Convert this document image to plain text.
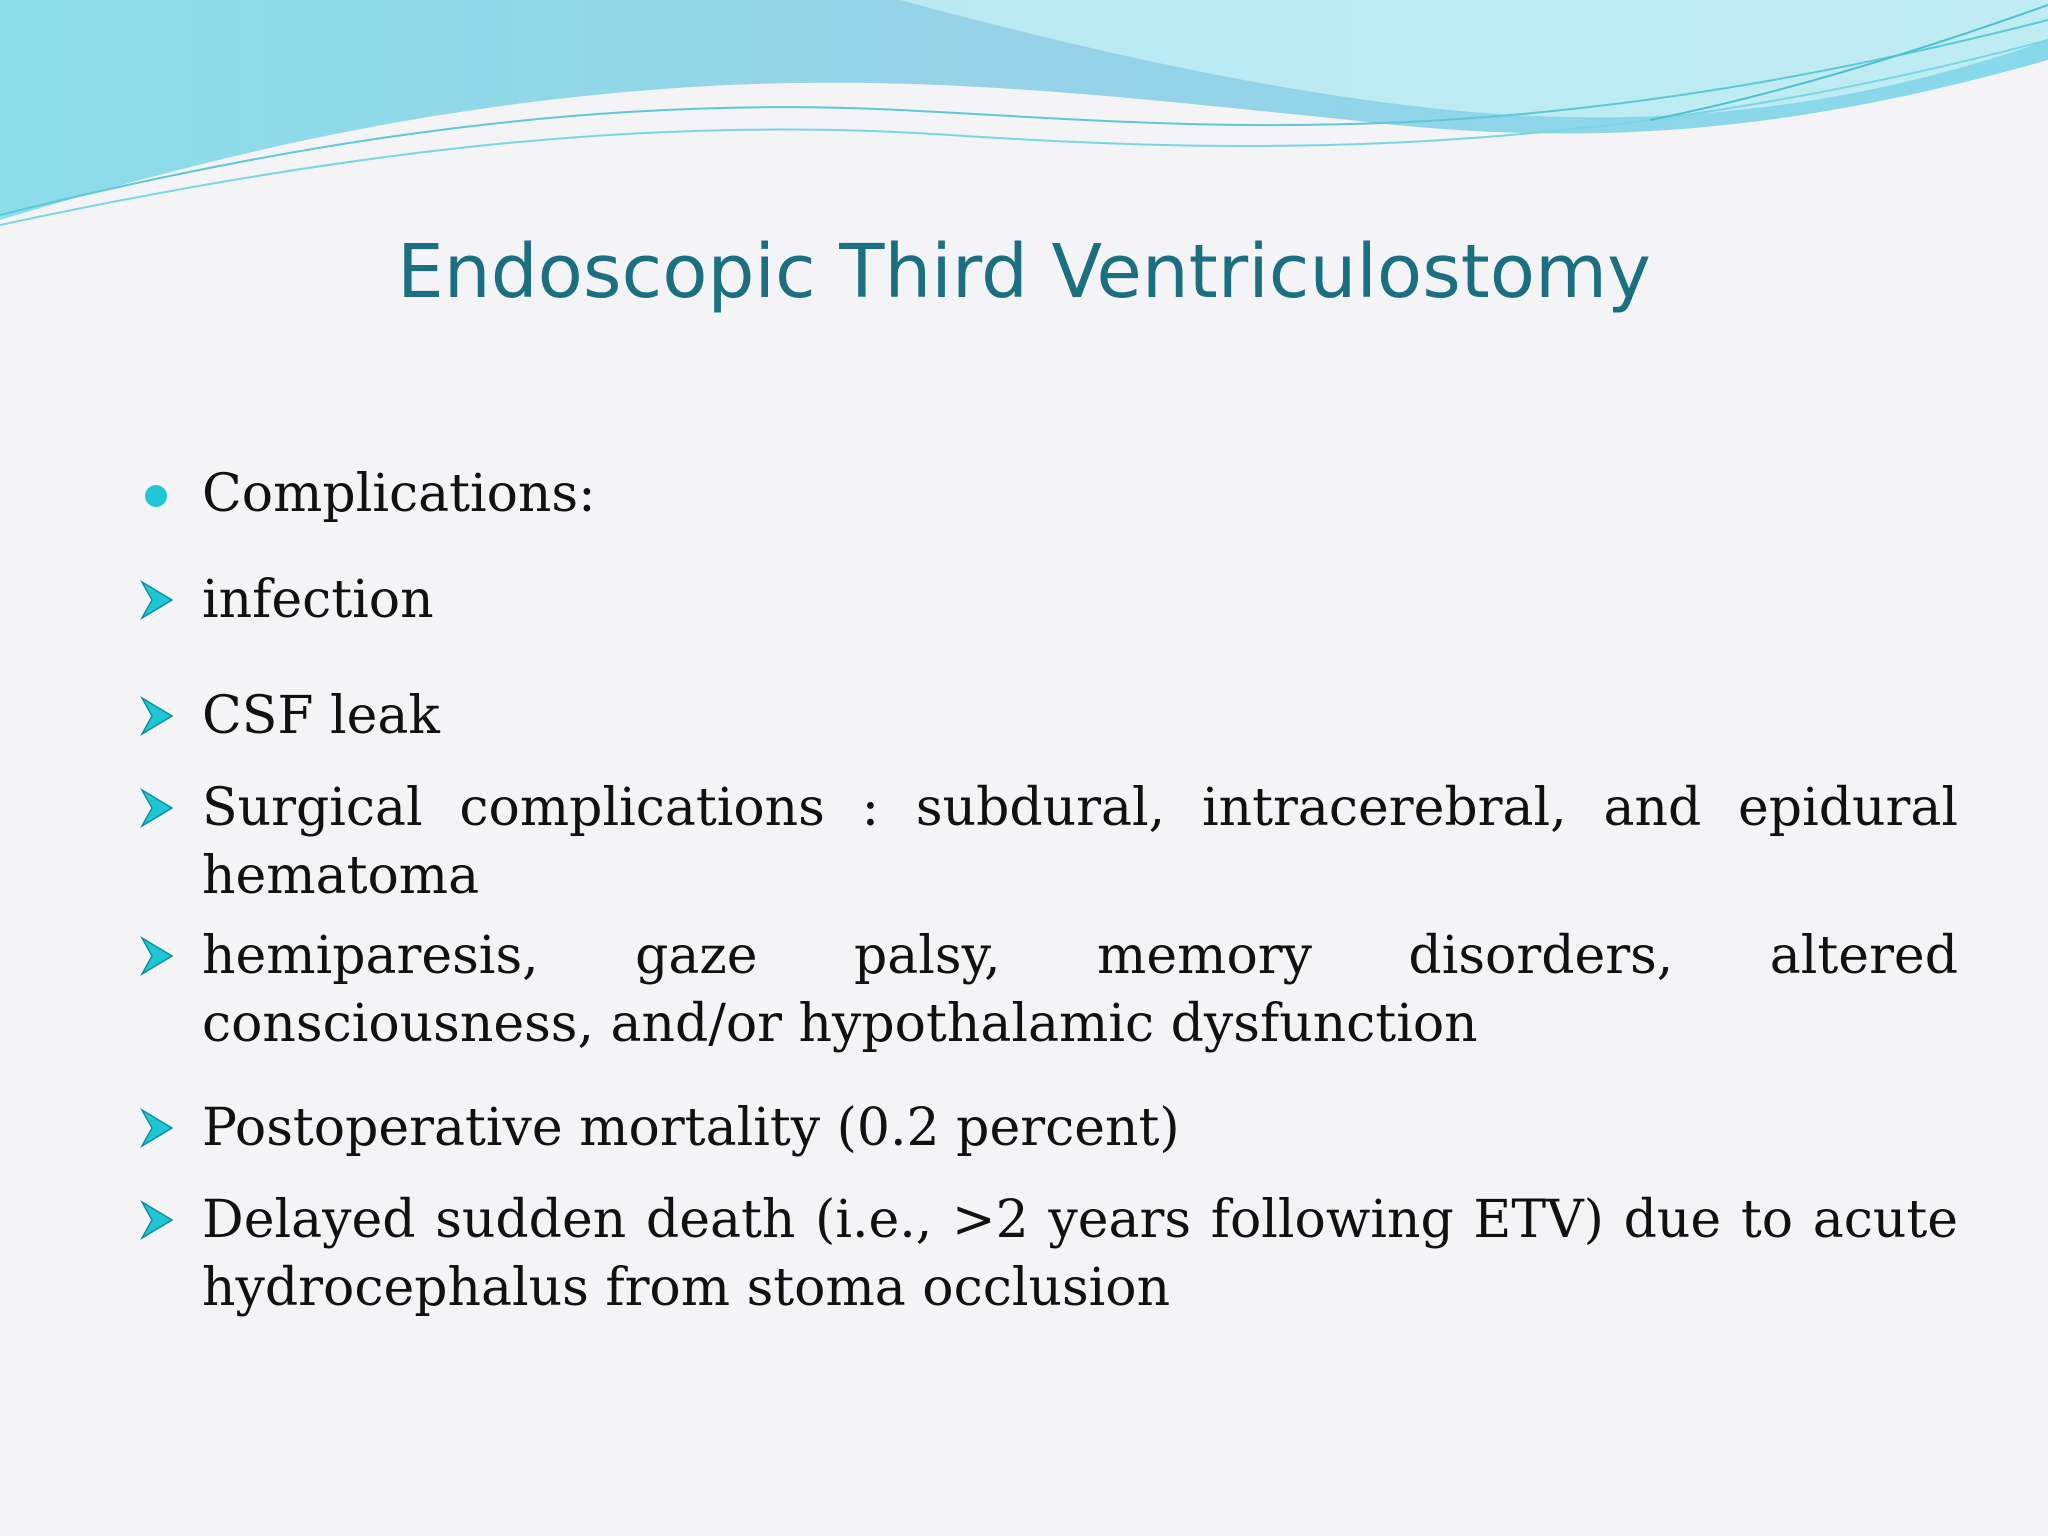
Endoscopic Third Ventriculostomy
Complications:
infection
CSF leak
Surgical complications : subdural, intracerebral, and epidural hematoma
hemiparesis, gaze palsy, memory disorders, altered consciousness, and/or hypothalamic dysfunction
Postoperative mortality (0.2 percent)
Delayed sudden death (i.e., >2 years following ETV) due to acute hydrocephalus from stoma occlusion
